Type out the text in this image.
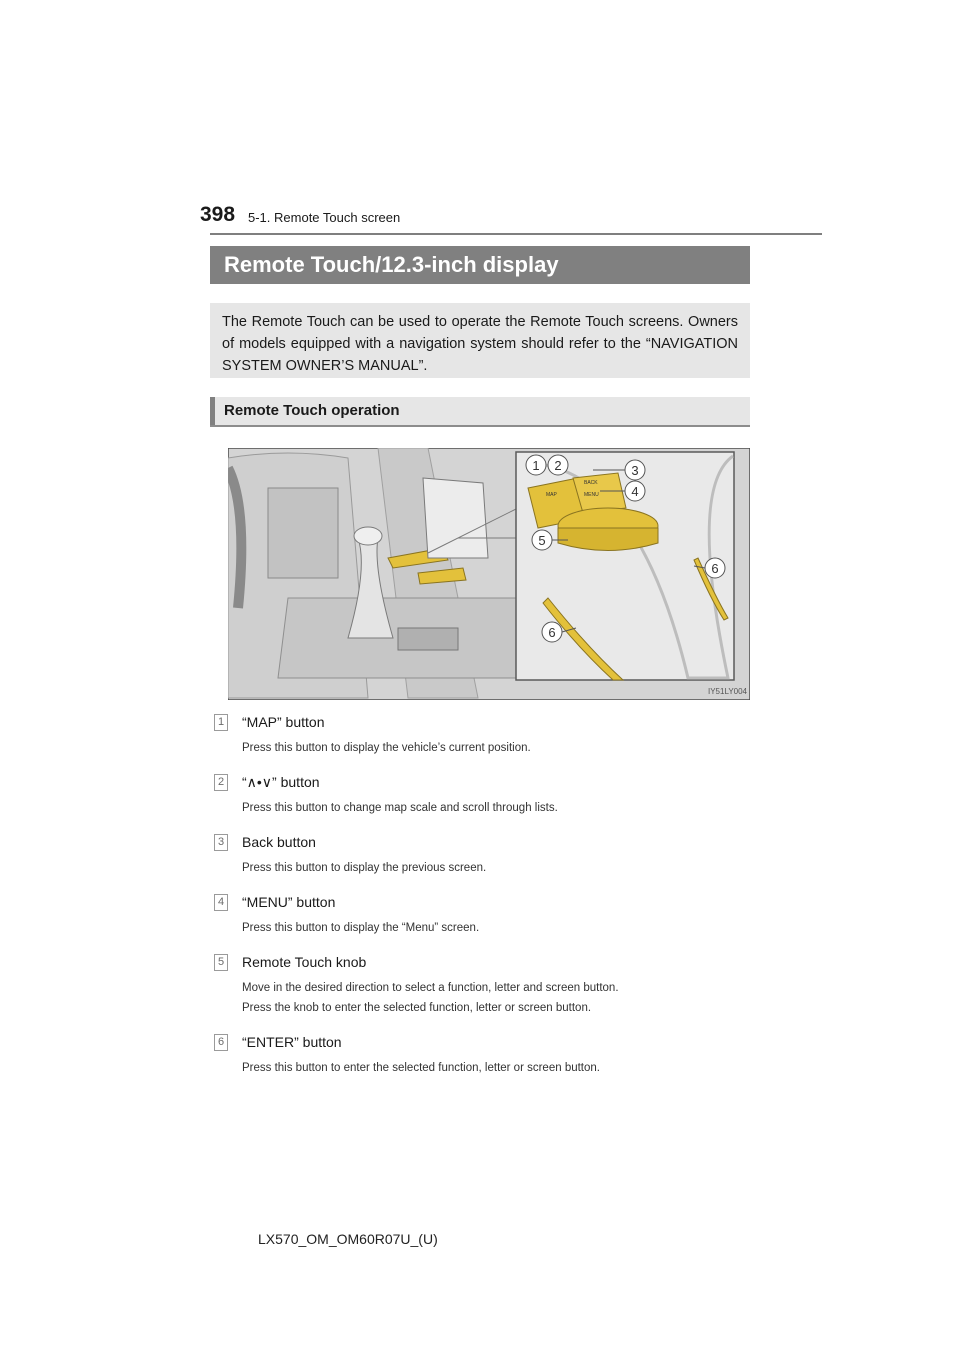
398 5-1. Remote Touch screen
Remote Touch/12.3-inch display

The Remote Touch can be used to operate the Remote Touch screens. Owners of models equipped with a navigation system should refer to the “NAVIGATION SYSTEM OWNER’S MANUAL”.

Remote Touch operation
MAP
BACK
MENU
1 2	3
4
5
6
6
IY51LY004
1 “MAP” button
Press this button to display the vehicle’s current position.
2 “∧•∨” button
Press this button to change map scale and scroll through lists.
3 Back button
Press this button to display the previous screen.
4 “MENU” button
Press this button to display the “Menu” screen.
5 Remote Touch knob
Move in the desired direction to select a function, letter and screen button.
Press the knob to enter the selected function, letter or screen button.
6 “ENTER” button
Press this button to enter the selected function, letter or screen button.
LX570_OM_OM60R07U_(U)
